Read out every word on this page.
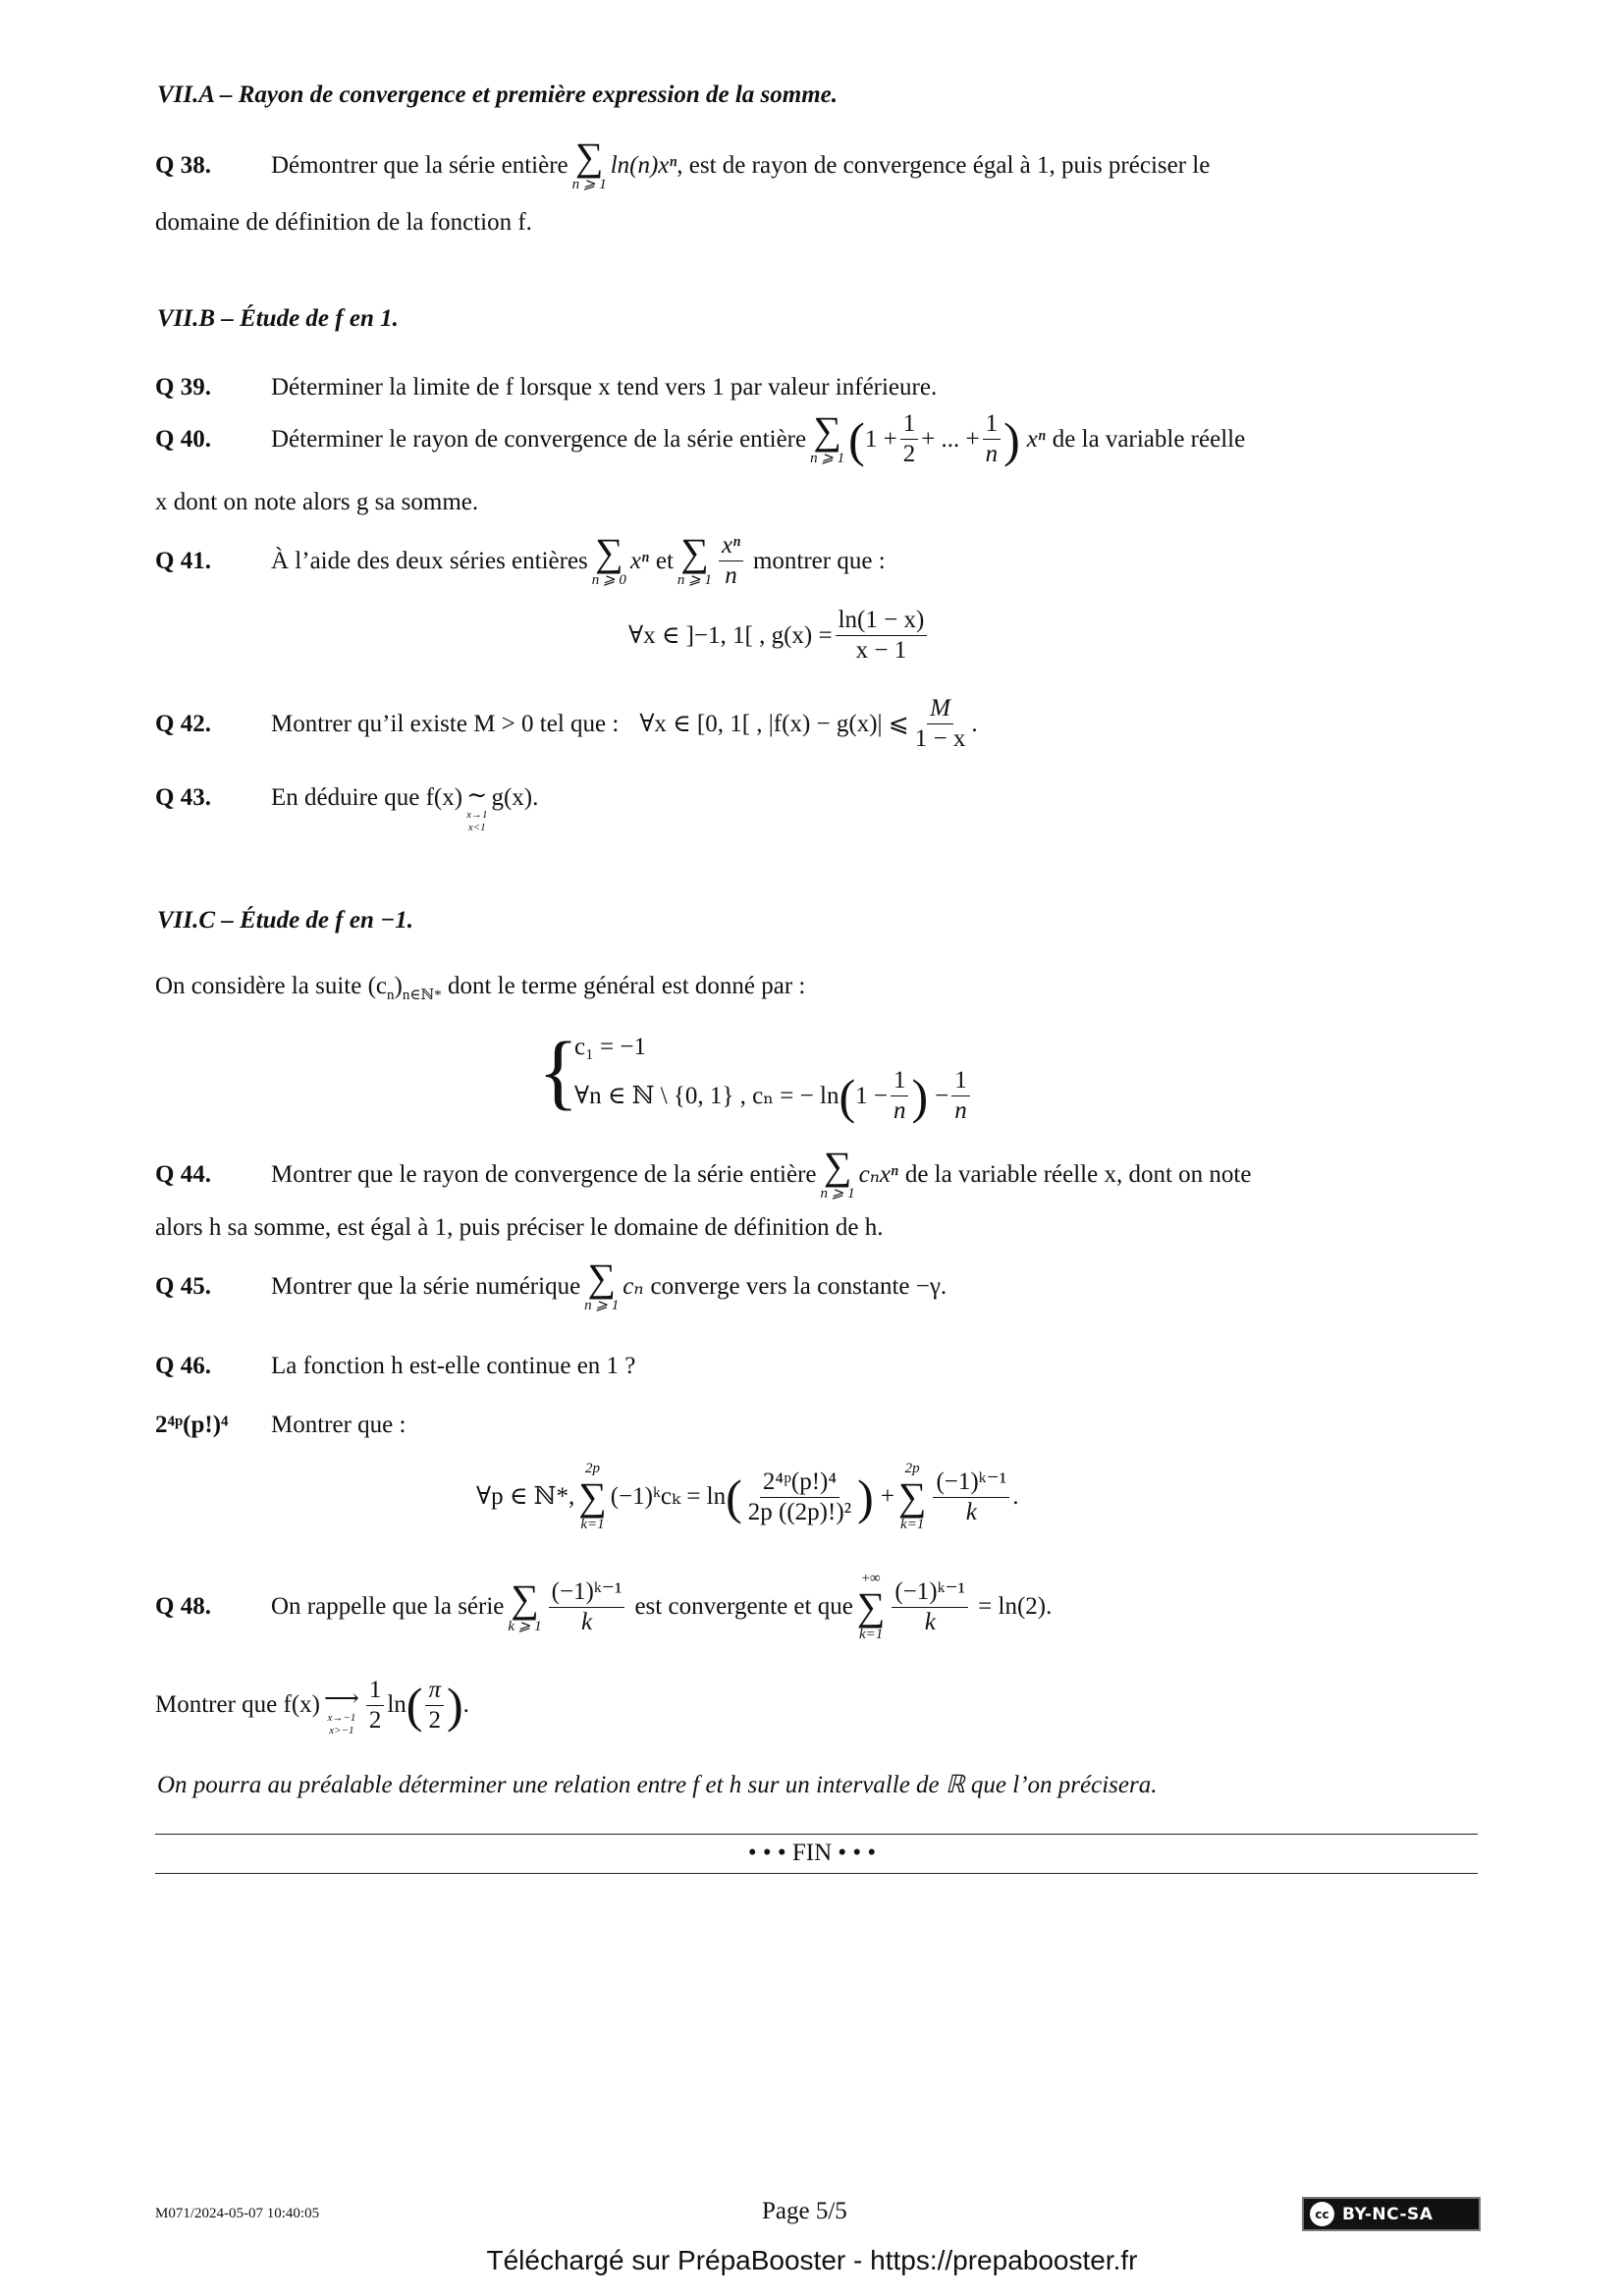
VII.A – Rayon de convergence et première expression de la somme.
Q 38.	Démontrer que la série entière ∑
n ⩾ 1
ln(n)xⁿ , est de rayon de convergence égal à 1, puis préciser le
domaine de définition de la fonction f.
VII.B – Étude de f en 1.
Q 39. Déterminer la limite de f lorsque x tend vers 1 par valeur inférieure.
Q 40.	Déterminer le rayon de convergence de la série entière ∑
n ⩾ 1 ( $1 + \frac{1}{2}$ + ... + $\frac{1}{n}$ ) xⁿ de la variable réelle
x dont on note alors g sa somme.
Q 41.	À l’aide des deux séries entières ∑
n ⩾ 0
xⁿ et ∑
n ⩾ $1 \frac{\text{xⁿ}}{n}$ montrer que :
∀x ∈ ]−1, 1[ , $g(x) = \frac{\ln(1 - x)}{x - 1}$
Q 42.	Montrer qu’il existe M > 0 tel que : ∀x ∈ [0, 1[ , |f(x) − g(x)| ⩽ $\frac{M}{1 - x}$ .
Q 43.	En déduire que f(x) ∼
x→1
x<1
g(x).
VII.C – Étude de f en −1.
On considère la suite $(c_n)_{n\in ℕ*}$ dont le terme général est donné par :
{
c₁ = −1
∀n ∈ ℕ \ {0, 1} , cₙ = − ln ( $1 - \frac{1}{n}$ ) − $\frac{1}{n}$
Q 44.	Montrer que le rayon de convergence de la série entière ∑
n ⩾ 1
cₙxⁿ de la variable réelle x, dont on note
alors h sa somme, est égal à 1, puis préciser le domaine de définition de h.
Q 45.	Montrer que la série numérique ∑
n ⩾ 1
cₙ converge vers la constante −γ.
Q 46. La fonction h est-elle continue en 1 ?
2⁴ᵖ(p!)⁴ Montrer que :
∀p ∈ ℕ*,
2p
∑
k=1
(−1)ᵏcₖ = ln ( $\frac{\text{2⁴ᵖ(p!)⁴}}{\text{2p ((2p)!)²}}$ ) +
2p
∑
$k=1 \frac{\text{(−1)ᵏ⁻¹}}{k}$ .
Q 48.	On rappelle que la série ∑
k ⩾ $1 \frac{\text{(−1)ᵏ⁻¹}}{k}$ est convergente et que
+∞
∑
$k=1 \frac{\text{(−1)ᵏ⁻¹}}{k} = \ln(2)$.
Montrer que f(x) ⟶
x→−1
$x>-1 \frac{1}{2}$ ln ( $\frac{\pi}{2}$ ) .
On pourra au préalable déterminer une relation entre f et h sur un intervalle de ℝ que l’on précisera.
• • • FIN • • •
M071/2024-05-07 10:40:05	Page 5/5	cc BY-NC-SA
Téléchargé sur PrépaBooster - https://prepabooster.fr
